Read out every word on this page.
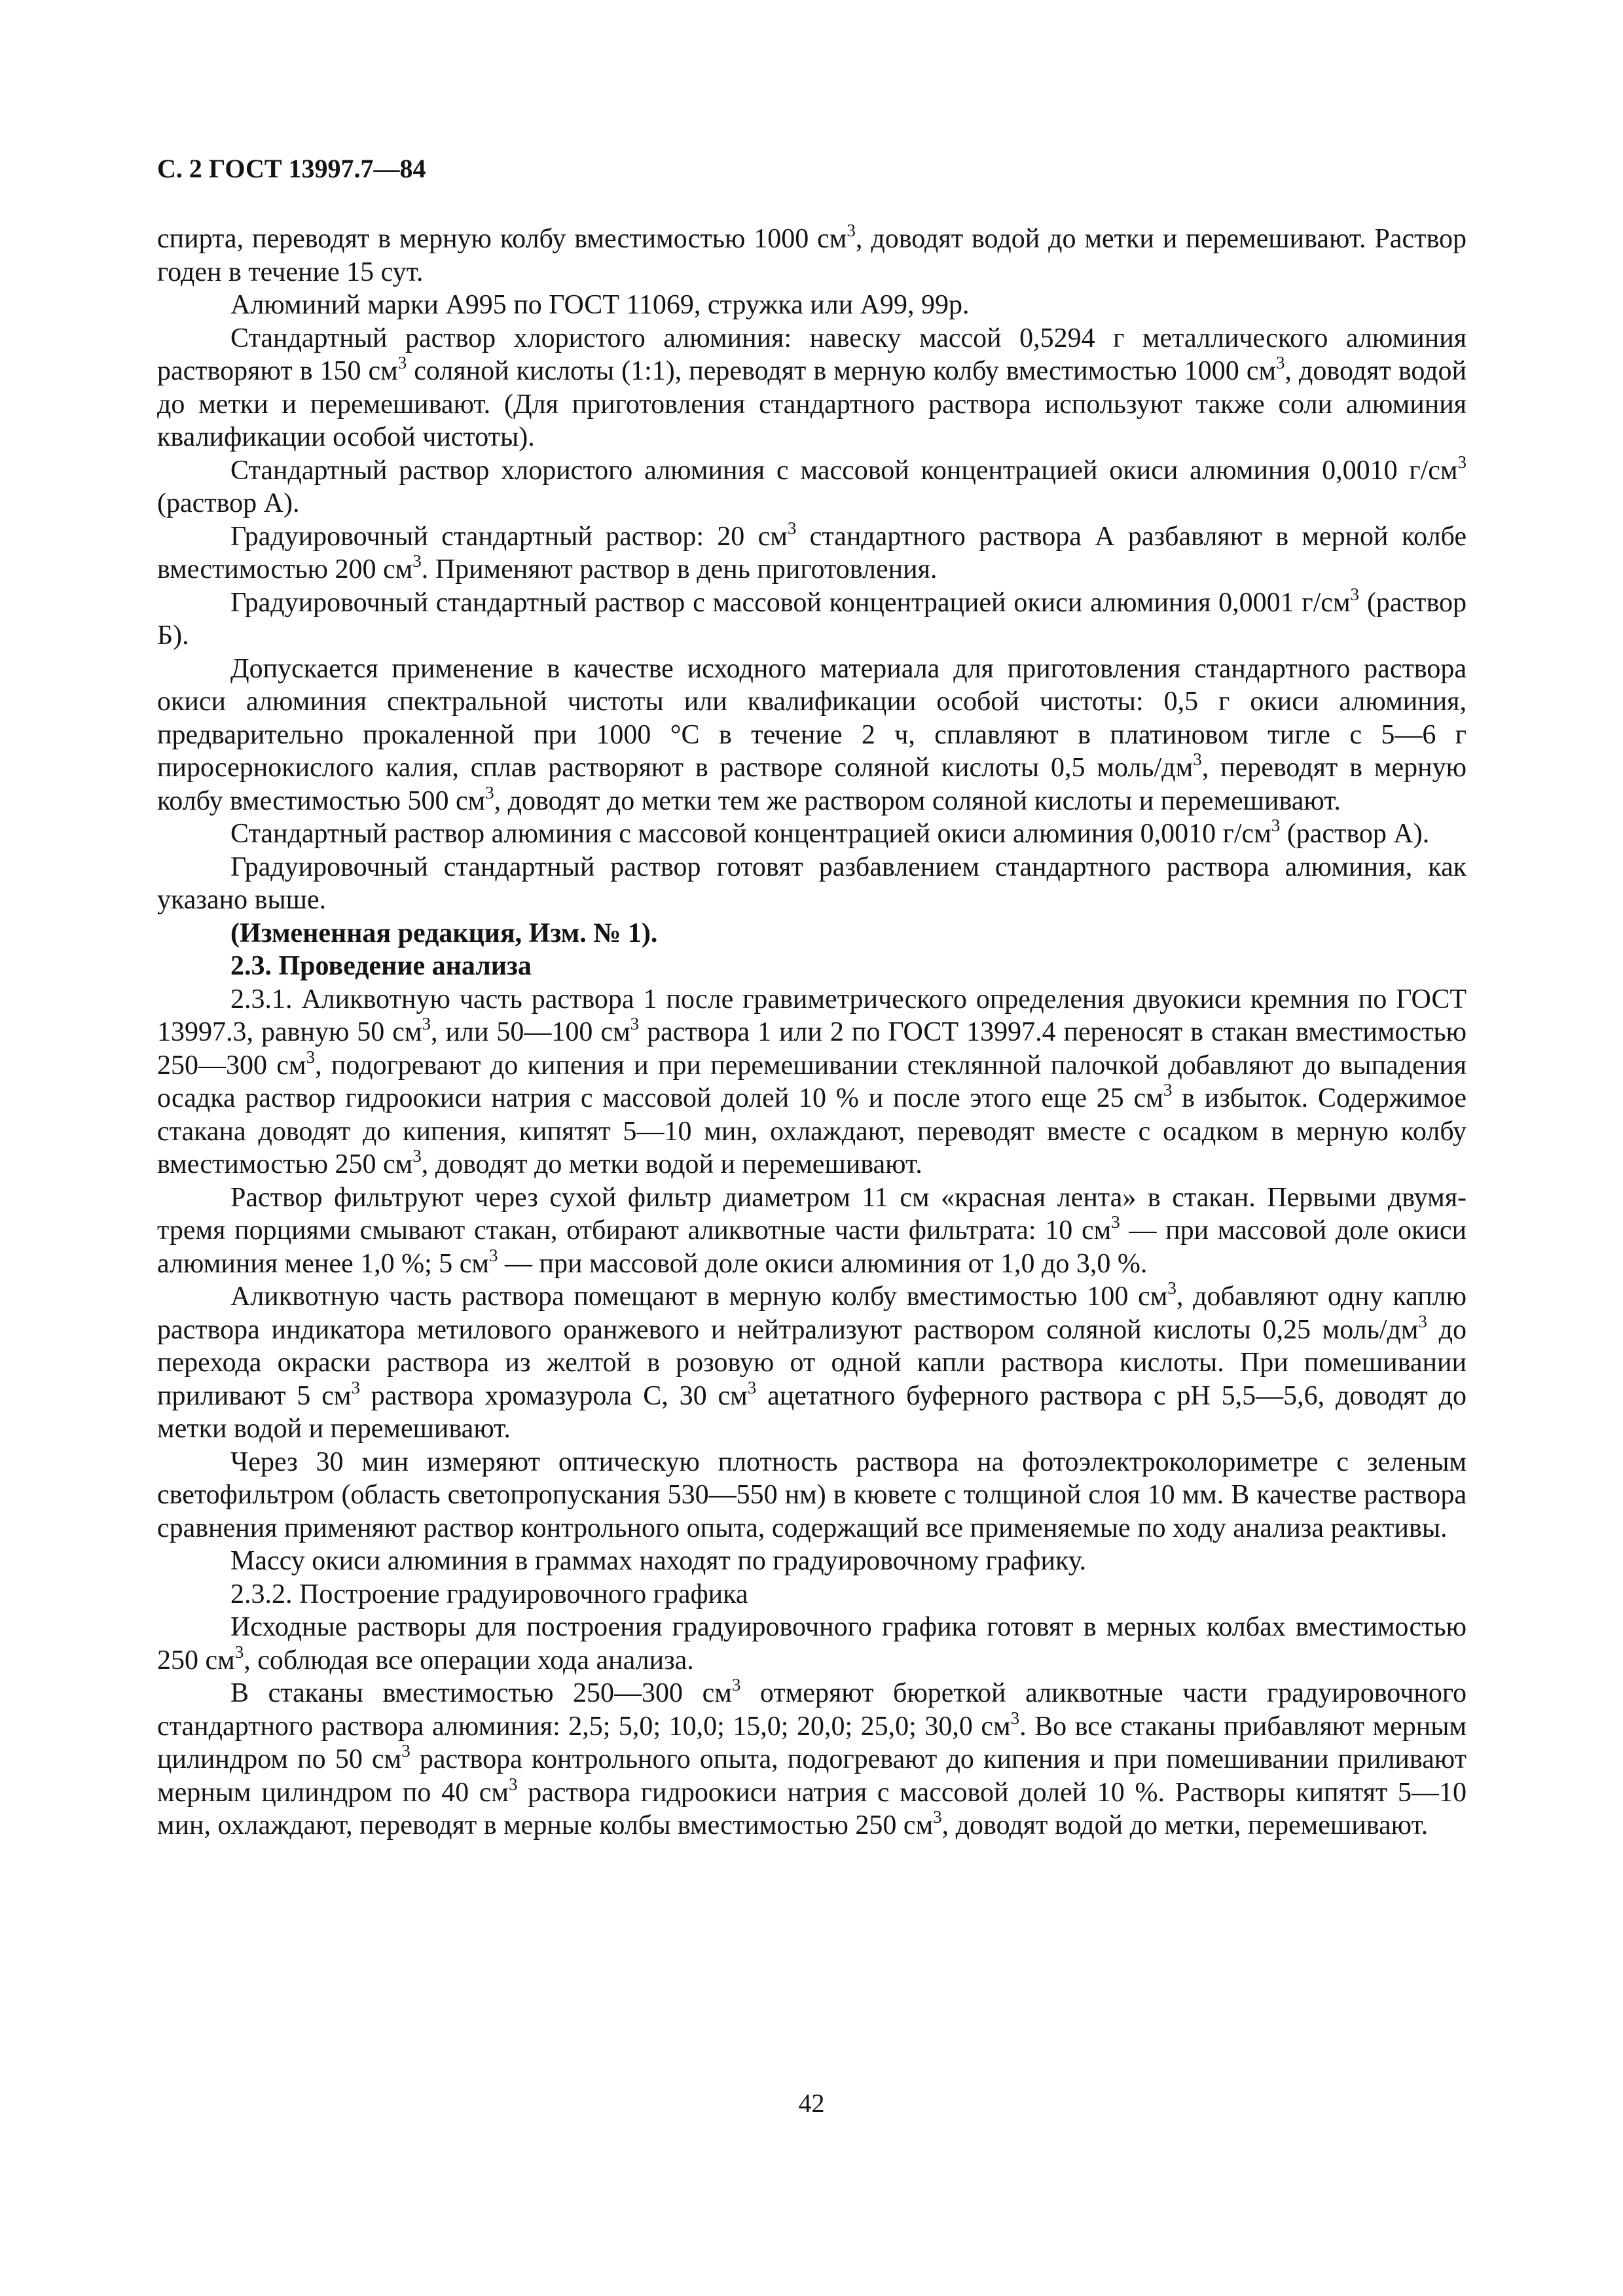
С. 2 ГОСТ 13997.7—84

спирта, переводят в мерную колбу вместимостью 1000 $см^3$, доводят водой до метки и перемешивают. Раствор годен в течение 15 сут.

Алюминий марки А995 по ГОСТ 11069, стружка или А99, 99р.

Стандартный раствор хлористого алюминия: навеску массой 0,5294 г металлического алюминия растворяют в 150 $см^3$ соляной кислоты (1:1), переводят в мерную колбу вместимостью 1000 $см^3$, доводят водой до метки и перемешивают. (Для приготовления стандартного раствора используют также соли алюминия квалификации особой чистоты).

Стандартный раствор хлористого алюминия с массовой концентрацией окиси алюминия 0,0010 $г/см^3$ (раствор А).

Градуировочный стандартный раствор: 20 $см^3$ стандартного раствора А разбавляют в мерной колбе вместимостью 200 $см^3$. Применяют раствор в день приготовления.

Градуировочный стандартный раствор с массовой концентрацией окиси алюминия 0,0001 $г/см^3$ (раствор Б).

Допускается применение в качестве исходного материала для приготовления стандартного раствора окиси алюминия спектральной чистоты или квалификации особой чистоты: 0,5 г окиси алюминия, предварительно прокаленной при 1000 °С в течение 2 ч, сплавляют в платиновом тигле с 5—6 г пиросернокислого калия, сплав растворяют в растворе соляной кислоты 0,5 моль/$дм^3$, переводят в мерную колбу вместимостью 500 $см^3$, доводят до метки тем же раствором соляной кислоты и перемешивают.

Стандартный раствор алюминия с массовой концентрацией окиси алюминия 0,0010 $г/см^3$ (раствор А).

Градуировочный стандартный раствор готовят разбавлением стандартного раствора алюминия, как указано выше.

(Измененная редакция, Изм. № 1).

2.3. Проведение анализа

2.3.1. Аликвотную часть раствора 1 после гравиметрического определения двуокиси кремния по ГОСТ 13997.3, равную 50 $см^3$, или 50—100 $см^3$ раствора 1 или 2 по ГОСТ 13997.4 переносят в стакан вместимостью 250—300 $см^3$, подогревают до кипения и при перемешивании стеклянной палочкой добавляют до выпадения осадка раствор гидроокиси натрия с массовой долей 10 % и после этого еще 25 $см^3$ в избыток. Содержимое стакана доводят до кипения, кипятят 5—10 мин, охлаждают, переводят вместе с осадком в мерную колбу вместимостью 250 $см^3$, доводят до метки водой и перемешивают.

Раствор фильтруют через сухой фильтр диаметром 11 см «красная лента» в стакан. Первыми двумя-тремя порциями смывают стакан, отбирают аликвотные части фильтрата: 10 $см^3$ — при массовой доле окиси алюминия менее 1,0 %; 5 $см^3$ — при массовой доле окиси алюминия от 1,0 до 3,0 %.

Аликвотную часть раствора помещают в мерную колбу вместимостью 100 $см^3$, добавляют одну каплю раствора индикатора метилового оранжевого и нейтрализуют раствором соляной кислоты 0,25 моль/$дм^3$ до перехода окраски раствора из желтой в розовую от одной капли раствора кислоты. При помешивании приливают 5 $см^3$ раствора хромазурола С, 30 $см^3$ ацетатного буферного раствора с рН 5,5—5,6, доводят до метки водой и перемешивают.

Через 30 мин измеряют оптическую плотность раствора на фотоэлектроколориметре с зеленым светофильтром (область светопропускания 530—550 нм) в кювете с толщиной слоя 10 мм. В качестве раствора сравнения применяют раствор контрольного опыта, содержащий все применяемые по ходу анализа реактивы.

Массу окиси алюминия в граммах находят по градуировочному графику.

2.3.2. Построение градуировочного графика

Исходные растворы для построения градуировочного графика готовят в мерных колбах вместимостью 250 $см^3$, соблюдая все операции хода анализа.

В стаканы вместимостью 250—300 $см^3$ отмеряют бюреткой аликвотные части градуировочного стандартного раствора алюминия: 2,5; 5,0; 10,0; 15,0; 20,0; 25,0; 30,0 $см^3$. Во все стаканы прибавляют мерным цилиндром по 50 $см^3$ раствора контрольного опыта, подогревают до кипения и при помешивании приливают мерным цилиндром по 40 $см^3$ раствора гидроокиси натрия с массовой долей 10 %. Растворы кипятят 5—10 мин, охлаждают, переводят в мерные колбы вместимостью 250 $см^3$, доводят водой до метки, перемешивают.

42
